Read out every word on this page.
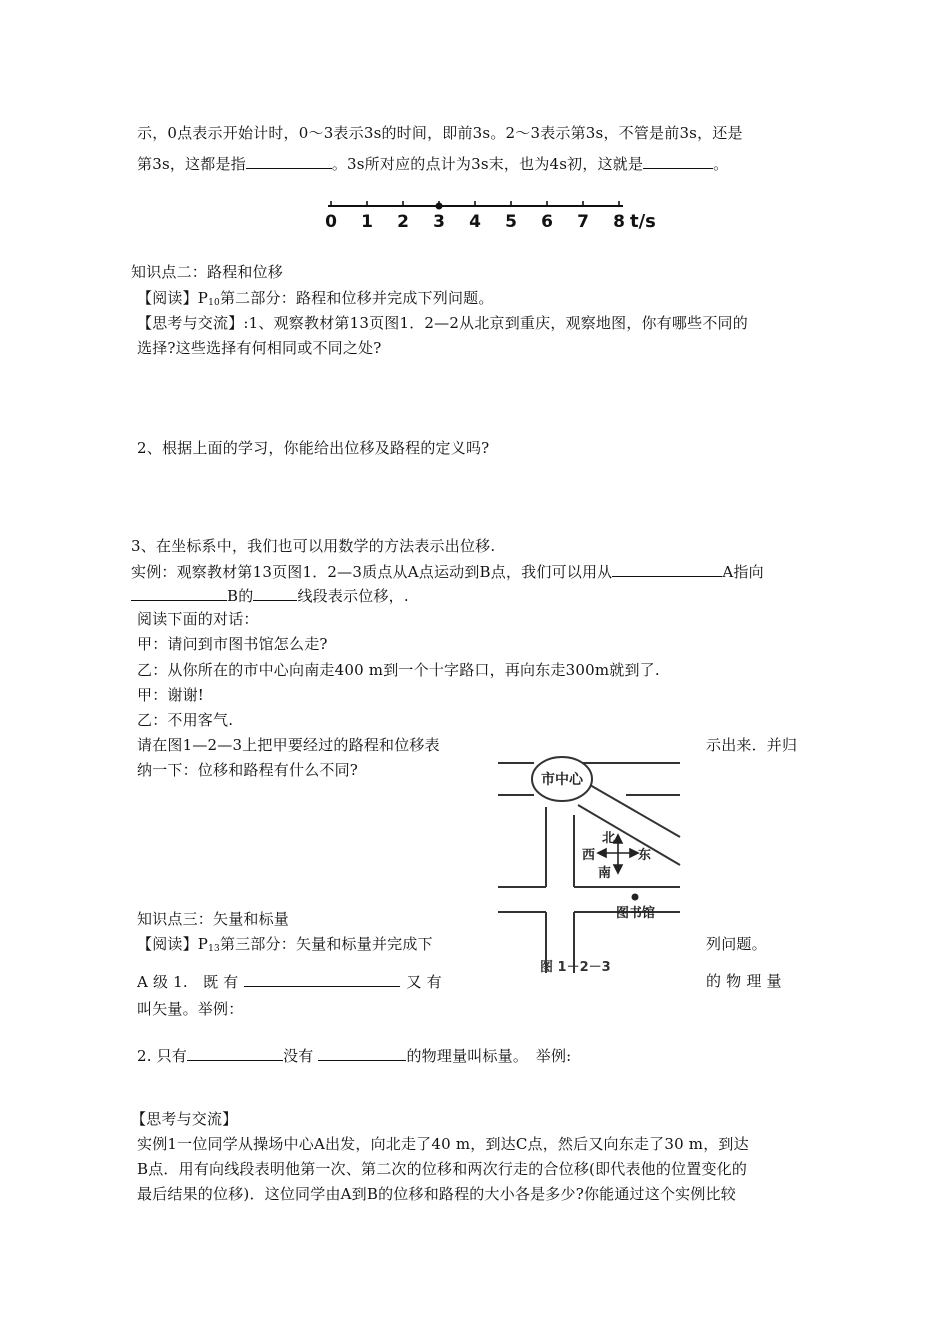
示，0点表示开始计时，0～3表示3s的时间，即前3s。2～3表示第3s，不管是前3s，还是
第3s，这都是指	。3s所对应的点计为3s末，也为4s初，这就是	。
0 1 2 3 4 5 6 7 8 t/s
知识点二：路程和位移
【阅读】$P_{10}$第二部分：路程和位移并完成下列问题。
【思考与交流】:1、观察教材第13页图1．2—2从北京到重庆，观察地图，你有哪些不同的
选择?这些选择有何相同或不同之处?
2、根据上面的学习，你能给出位移及路程的定义吗?
3、在坐标系中，我们也可以用数学的方法表示出位移.
实例：观察教材第13页图1．2—3质点从A点运动到B点，我们可以用从	A指向
B的	线段表示位移，.
阅读下面的对话：
甲：请问到市图书馆怎么走?
乙：从你所在的市中心向南走400 m到一个十字路口，再向东走300m就到了.
甲：谢谢!
乙：不用客气.
请在图1—2—3上把甲要经过的路程和位移表	示出来．并归
纳一下：位移和路程有什么不同?
市中心
北
西	东
南
图书馆
图 1－2－3
知识点三：矢量和标量
【阅读】$P_{13}$第三部分：矢量和标量并完成下	列问题。
A 级 1.　既 有	又 有	的 物 理 量
叫矢量。举例：
2. 只有	没有	的物理量叫标量。　举例:
【思考与交流】
实例1一位同学从操场中心A出发，向北走了40 m，到达C点，然后又向东走了30 m，到达
B点．用有向线段表明他第一次、第二次的位移和两次行走的合位移(即代表他的位置变化的
最后结果的位移)．这位同学由A到B的位移和路程的大小各是多少?你能通过这个实例比较
